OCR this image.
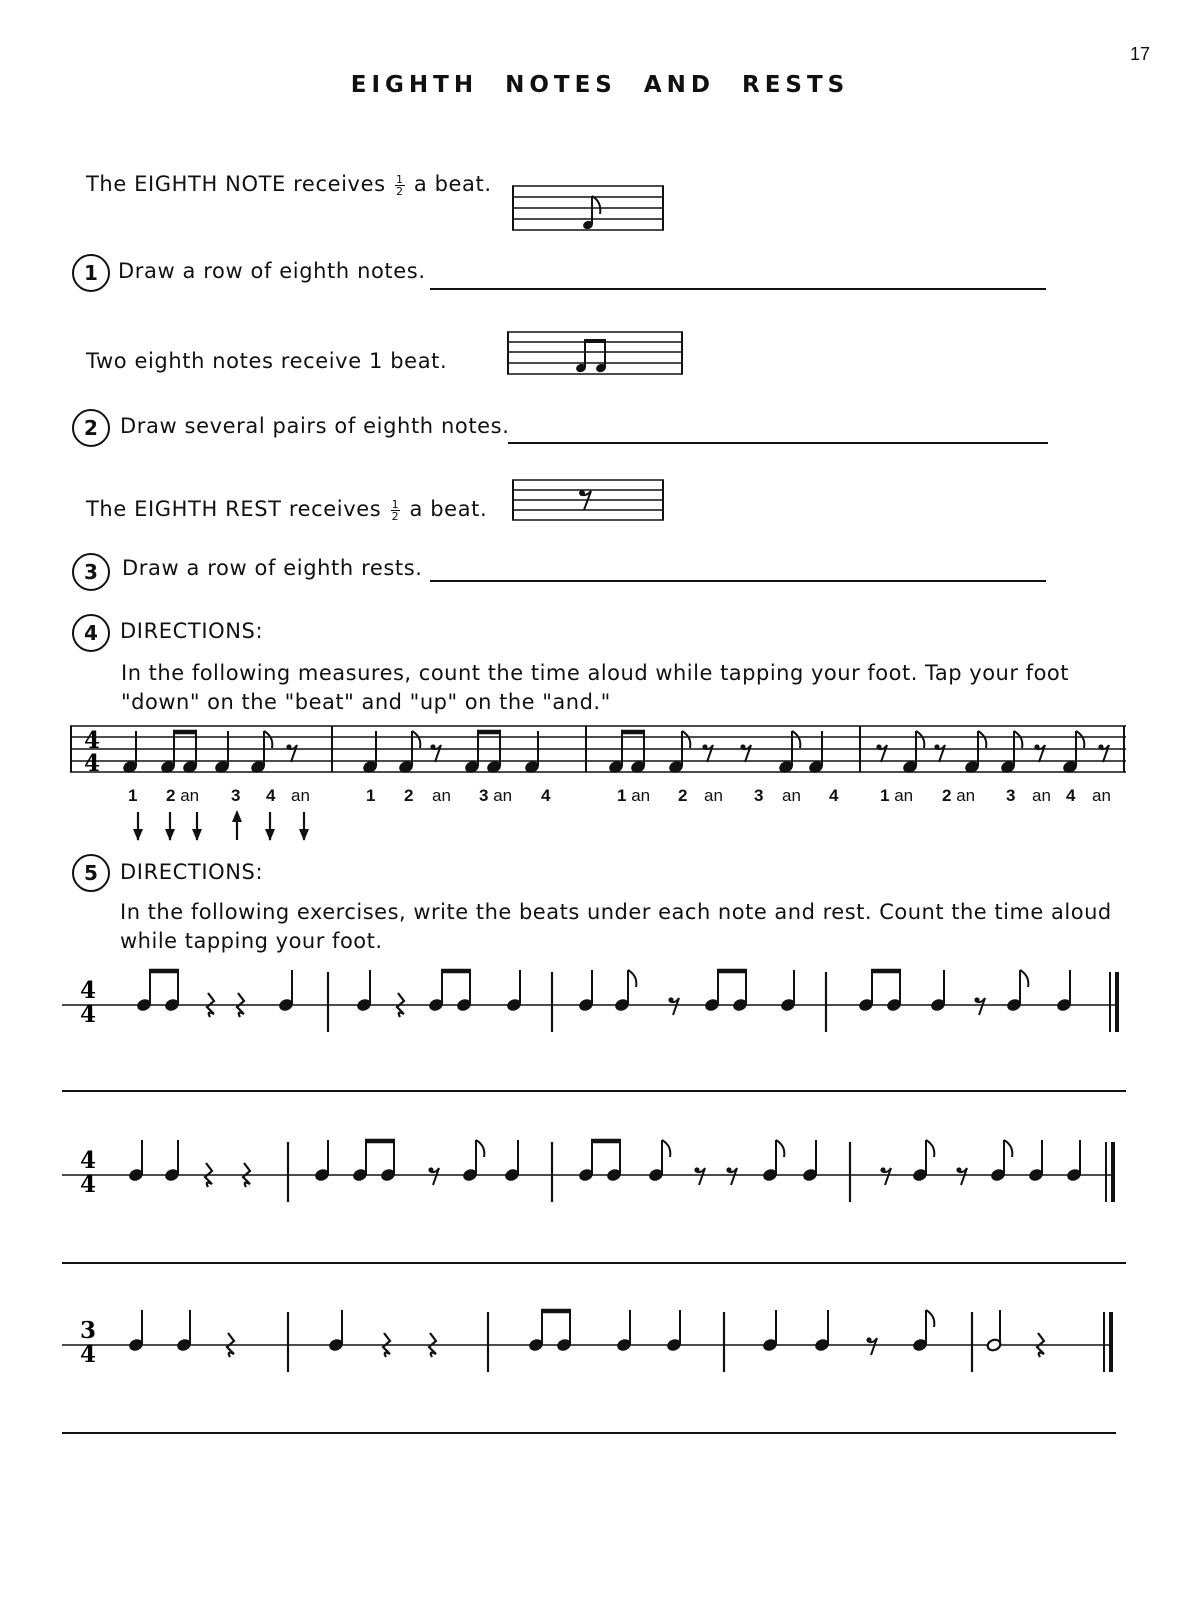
17
EIGHTH NOTES AND RESTS
The EIGHTH NOTE receives $\frac{1}{2}$ a beat.
1 Draw a row of eighth notes.
Two eighth notes receive 1 beat.
2	Draw several pairs of eighth notes.
The EIGHTH REST receives $\frac{1}{2}$ a beat.
3	Draw a row of eighth rests.
4	DIRECTIONS:
In the following measures, count the time aloud while tapping your foot. Tap your foot "down" on the "beat" and "up" on the "and."
4
4
1 2 an 3 4 an	1 2 an 3 an 4	1 an 2 an 3 an 4 1 an 2 an 3 an 4 an
5	DIRECTIONS:
In the following exercises, write the beats under each note and rest. Count the time aloud while tapping your foot.
4
4
4
4
3
4
